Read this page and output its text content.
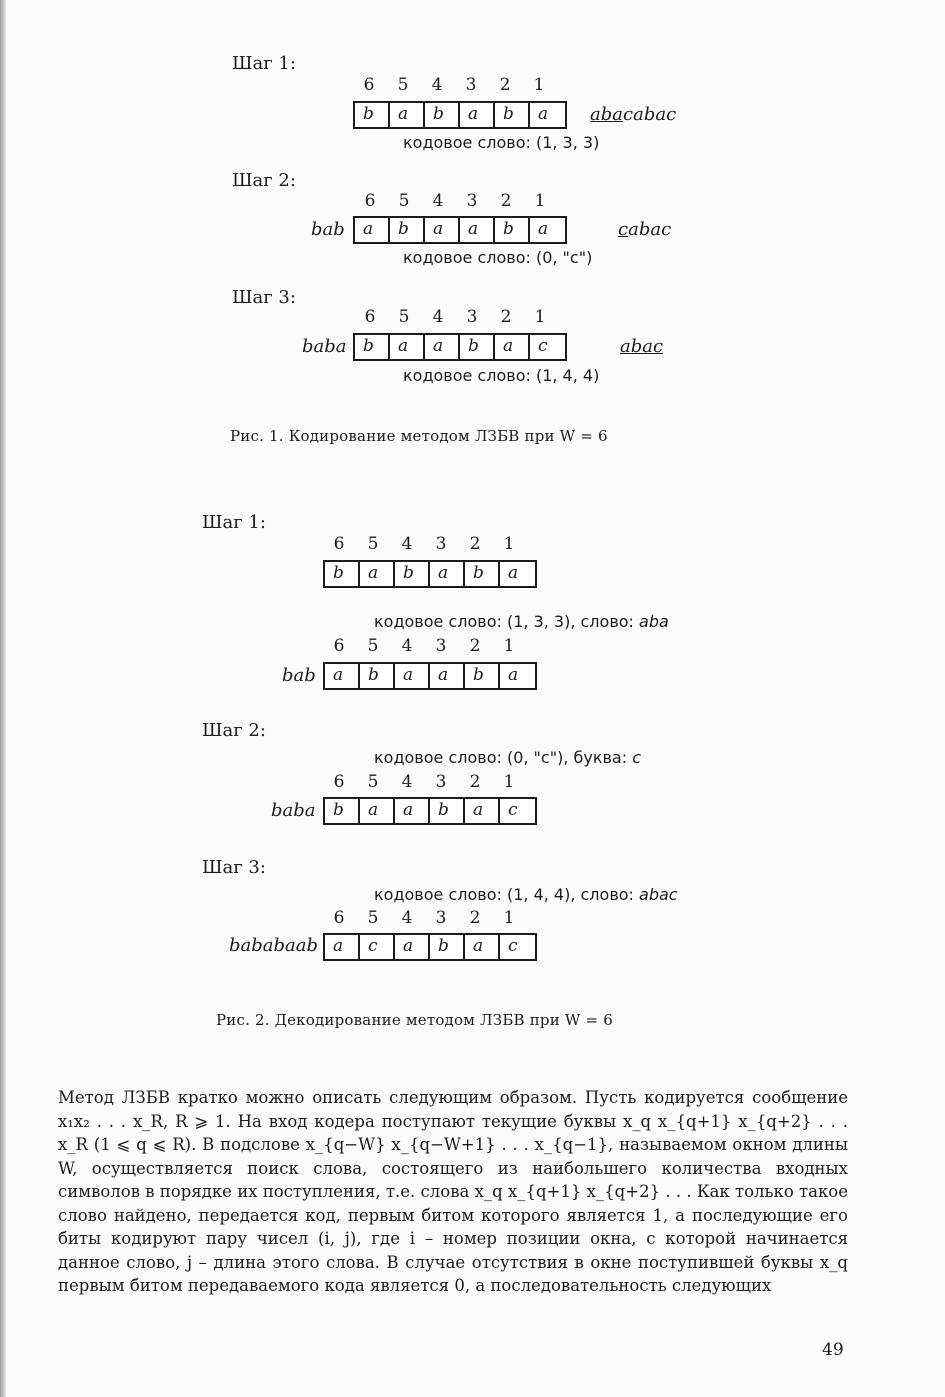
Шаг 1:
6 5 4 3 2 1
b	a	b	a	b	a	abacabac
кодовое слово: (1, 3, 3)
Шаг 2:
6 5 4 3 2 1
bab	a	b	a	a	b	a	cabac
кодовое слово: (0, "c")
Шаг 3:
6 5 4 3 2 1
baba b	a	a	b	a	c	abac
кодовое слово: (1, 4, 4)
Рис. 1. Кодирование методом ЛЗБВ при W = 6
Шаг 1:
6 5 4 3 2 1
b	a	b	a	b	a
кодовое слово: (1, 3, 3), слово: aba
6 5 4 3 2 1
bab	a	b	a	a	b	a
Шаг 2:
кодовое слово: (0, "c"), буква: c
6 5 4 3 2 1
baba	b	a	a	b	a	c
Шаг 3:
кодовое слово: (1, 4, 4), слово: abac
6 5 4 3 2 1
bababaab a	c	a	b	a	c
Рис. 2. Декодирование методом ЛЗБВ при W = 6
Метод ЛЗБВ кратко можно описать следующим образом. Пусть кодируется сообщение x₁x₂ . . . x_R, R ⩾ 1. На вход кодера поступают текущие буквы x_q x_{q+1} x_{q+2} . . . x_R (1 ⩽ q ⩽ R). В подслове x_{q−W} x_{q−W+1} . . . x_{q−1}, называемом окном длины W, осуществляется поиск слова, состоящего из наибольшего количества входных символов в порядке их поступления, т.е. слова x_q x_{q+1} x_{q+2} . . . Как только такое слово найдено, передается код, первым битом которого является 1, а последующие его биты кодируют пару чисел (i, j), где i – номер позиции окна, с которой начинается данное слово, j – длина этого слова. В случае отсутствия в окне поступившей буквы x_q первым битом передаваемого кода является 0, а последовательность следующих
49
